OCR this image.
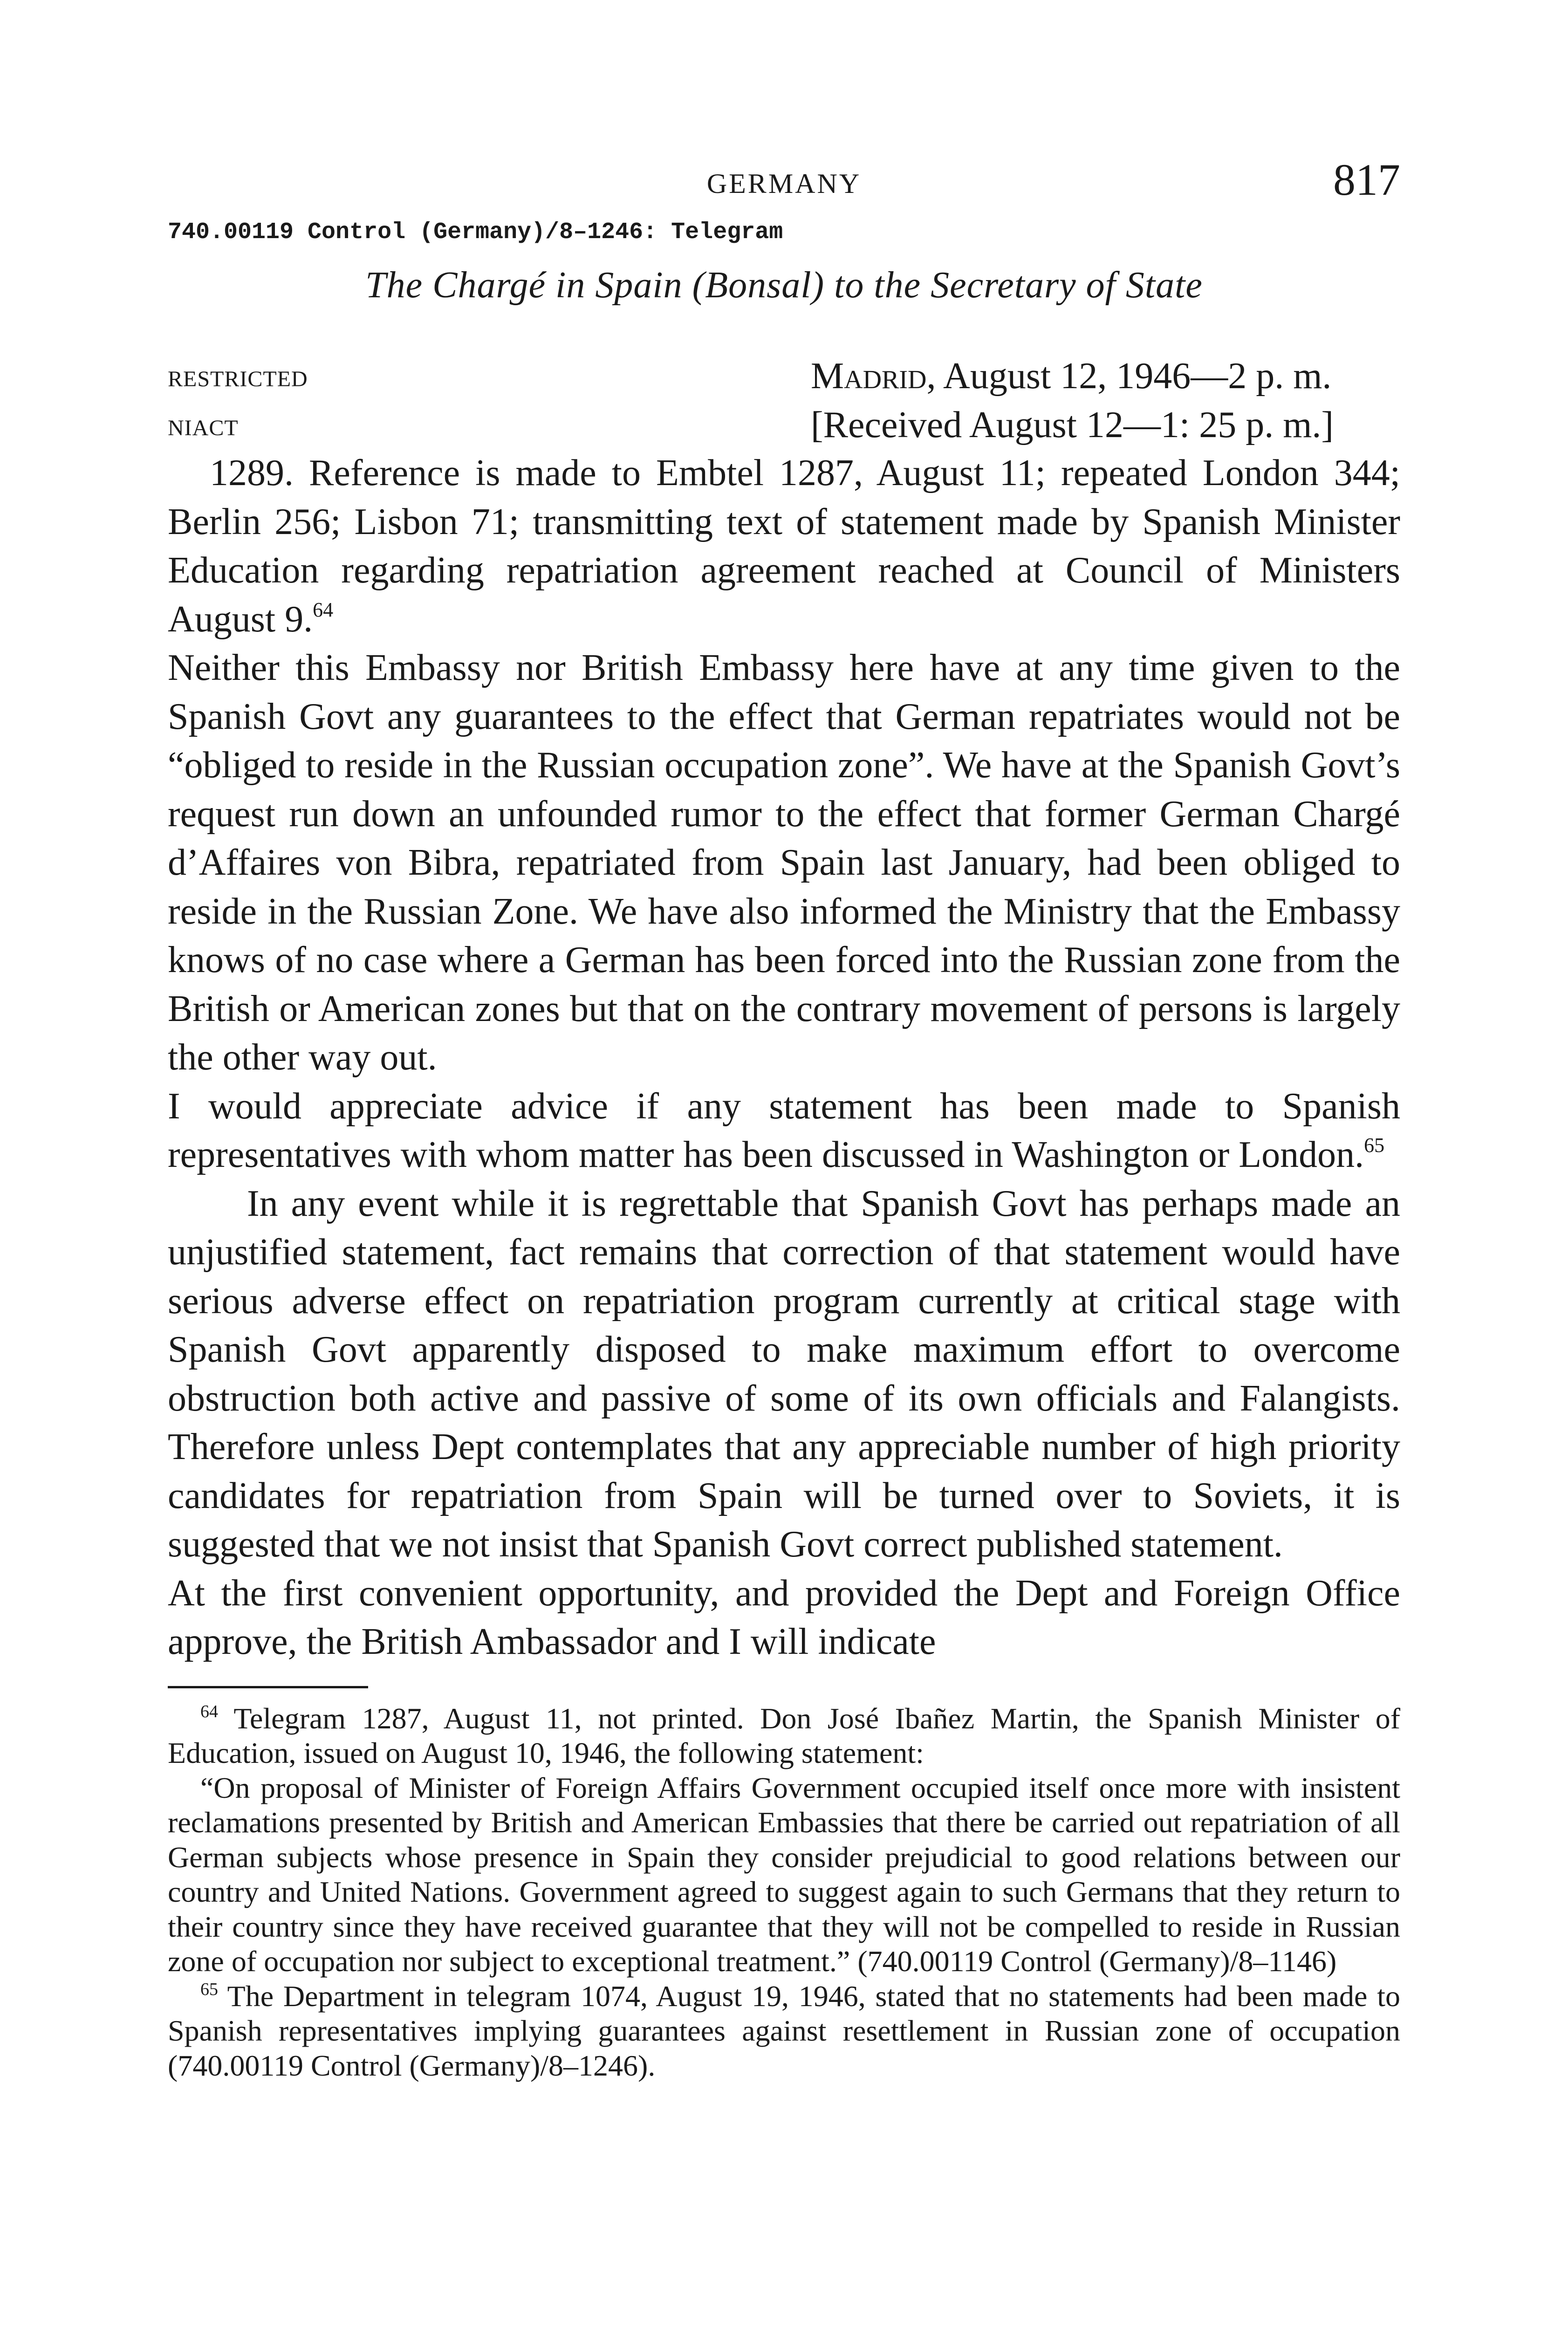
GERMANY	817
740.00119 Control (Germany)/8–1246: Telegram
The Chargé in Spain (Bonsal) to the Secretary of State
RESTRICTED	Madrid, August 12, 1946—2 p. m.
NIACT	[Received August 12—1: 25 p. m.]

1289. Reference is made to Embtel 1287, August 11; repeated London 344; Berlin 256; Lisbon 71; transmitting text of statement made by Spanish Minister Education regarding repatriation agreement reached at Council of Ministers August 9.64

Neither this Embassy nor British Embassy here have at any time given to the Spanish Govt any guarantees to the effect that German repatriates would not be “obliged to reside in the Russian occupation zone”. We have at the Spanish Govt’s request run down an unfounded rumor to the effect that former German Chargé d’Affaires von Bibra, repatriated from Spain last January, had been obliged to reside in the Russian Zone. We have also informed the Ministry that the Embassy knows of no case where a German has been forced into the Russian zone from the British or American zones but that on the contrary movement of persons is largely the other way out.

I would appreciate advice if any statement has been made to Spanish representatives with whom matter has been discussed in Washington or London.$^{65}$

In any event while it is regrettable that Spanish Govt has perhaps made an unjustified statement, fact remains that correction of that statement would have serious adverse effect on repatriation program currently at critical stage with Spanish Govt apparently disposed to make maximum effort to overcome obstruction both active and passive of some of its own officials and Falangists. Therefore unless Dept contemplates that any appreciable number of high priority candidates for repatriation from Spain will be turned over to Soviets, it is suggested that we not insist that Spanish Govt correct published statement.

At the first convenient opportunity, and provided the Dept and Foreign Office approve, the British Ambassador and I will indicate

$^{64}$ Telegram 1287, August 11, not printed. Don José Ibañez Martin, the Spanish Minister of Education, issued on August 10, 1946, the following statement:

“On proposal of Minister of Foreign Affairs Government occupied itself once more with insistent reclamations presented by British and American Embassies that there be carried out repatriation of all German subjects whose presence in Spain they consider prejudicial to good relations between our country and United Nations. Government agreed to suggest again to such Germans that they return to their country since they have received guarantee that they will not be compelled to reside in Russian zone of occupation nor subject to exceptional treatment.” (740.00119 Control (Germany)/8–1146)

$^{65}$ The Department in telegram 1074, August 19, 1946, stated that no statements had been made to Spanish representatives implying guarantees against resettlement in Russian zone of occupation (740.00119 Control (Germany)/8–1246).
